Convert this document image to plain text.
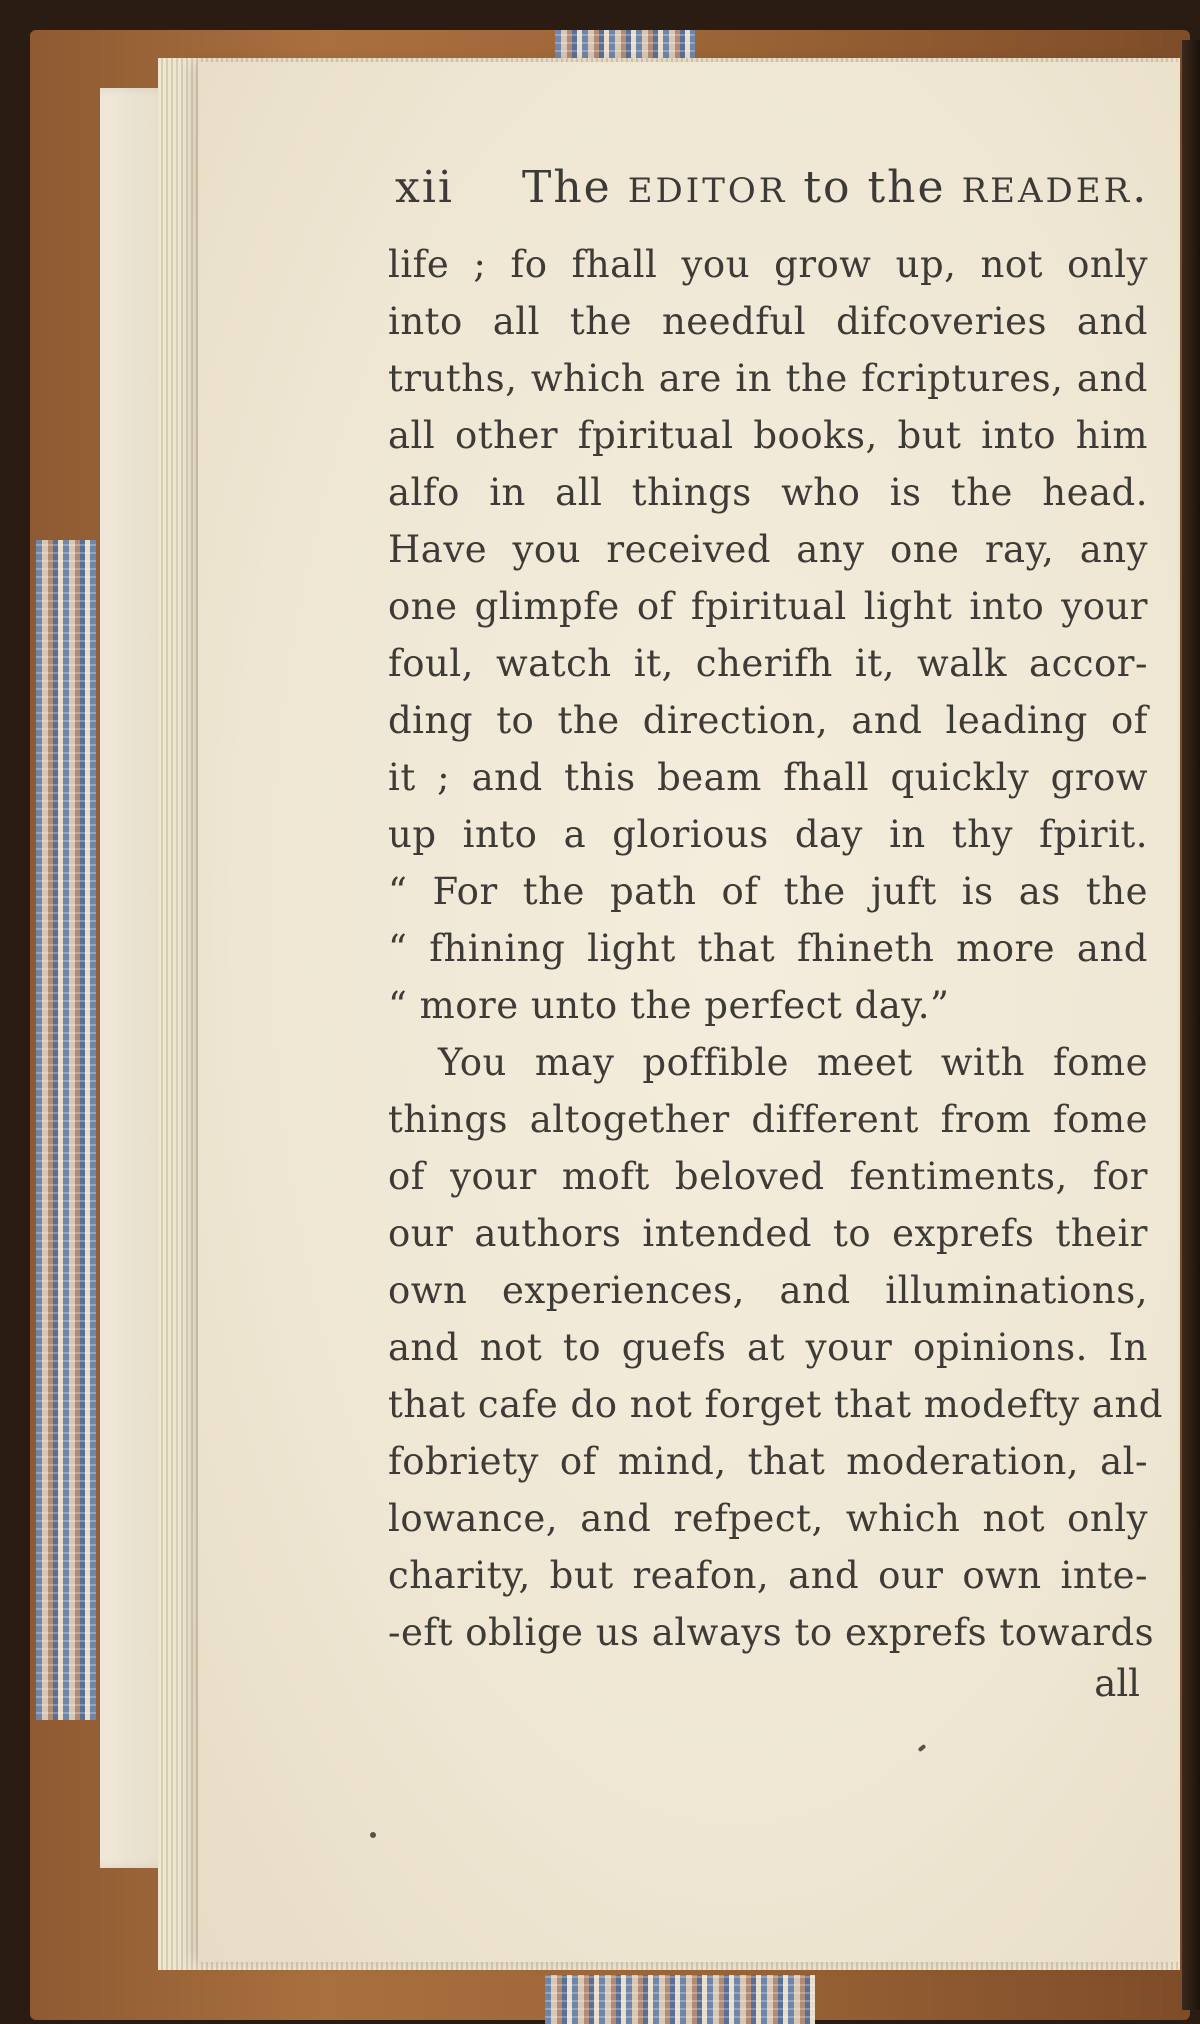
xii The EDITOR to the READER.
life ; fo fhall you grow up, not only
into all the needful difcoveries and
truths, which are in the fcriptures, and
all other fpiritual books, but into him
alfo in all things who is the head.
Have you received any one ray, any
one glimpfe of fpiritual light into your
foul, watch it, cherifh it, walk accor-
ding to the direction, and leading of
it ; and this beam fhall quickly grow
up into a glorious day in thy fpirit.
“ For the path of the juft is as the
“ fhining light that fhineth more and
“ more unto the perfect day.”
You may poffible meet with fome
things altogether different from fome
of your moft beloved fentiments, for
our authors intended to exprefs their
own experiences, and illuminations,
and not to guefs at your opinions. In
that cafe do not forget that modefty and
fobriety of mind, that moderation, al-
lowance, and refpect, which not only
charity, but reafon, and our own inte-
-eft oblige us always to exprefs towards
all
